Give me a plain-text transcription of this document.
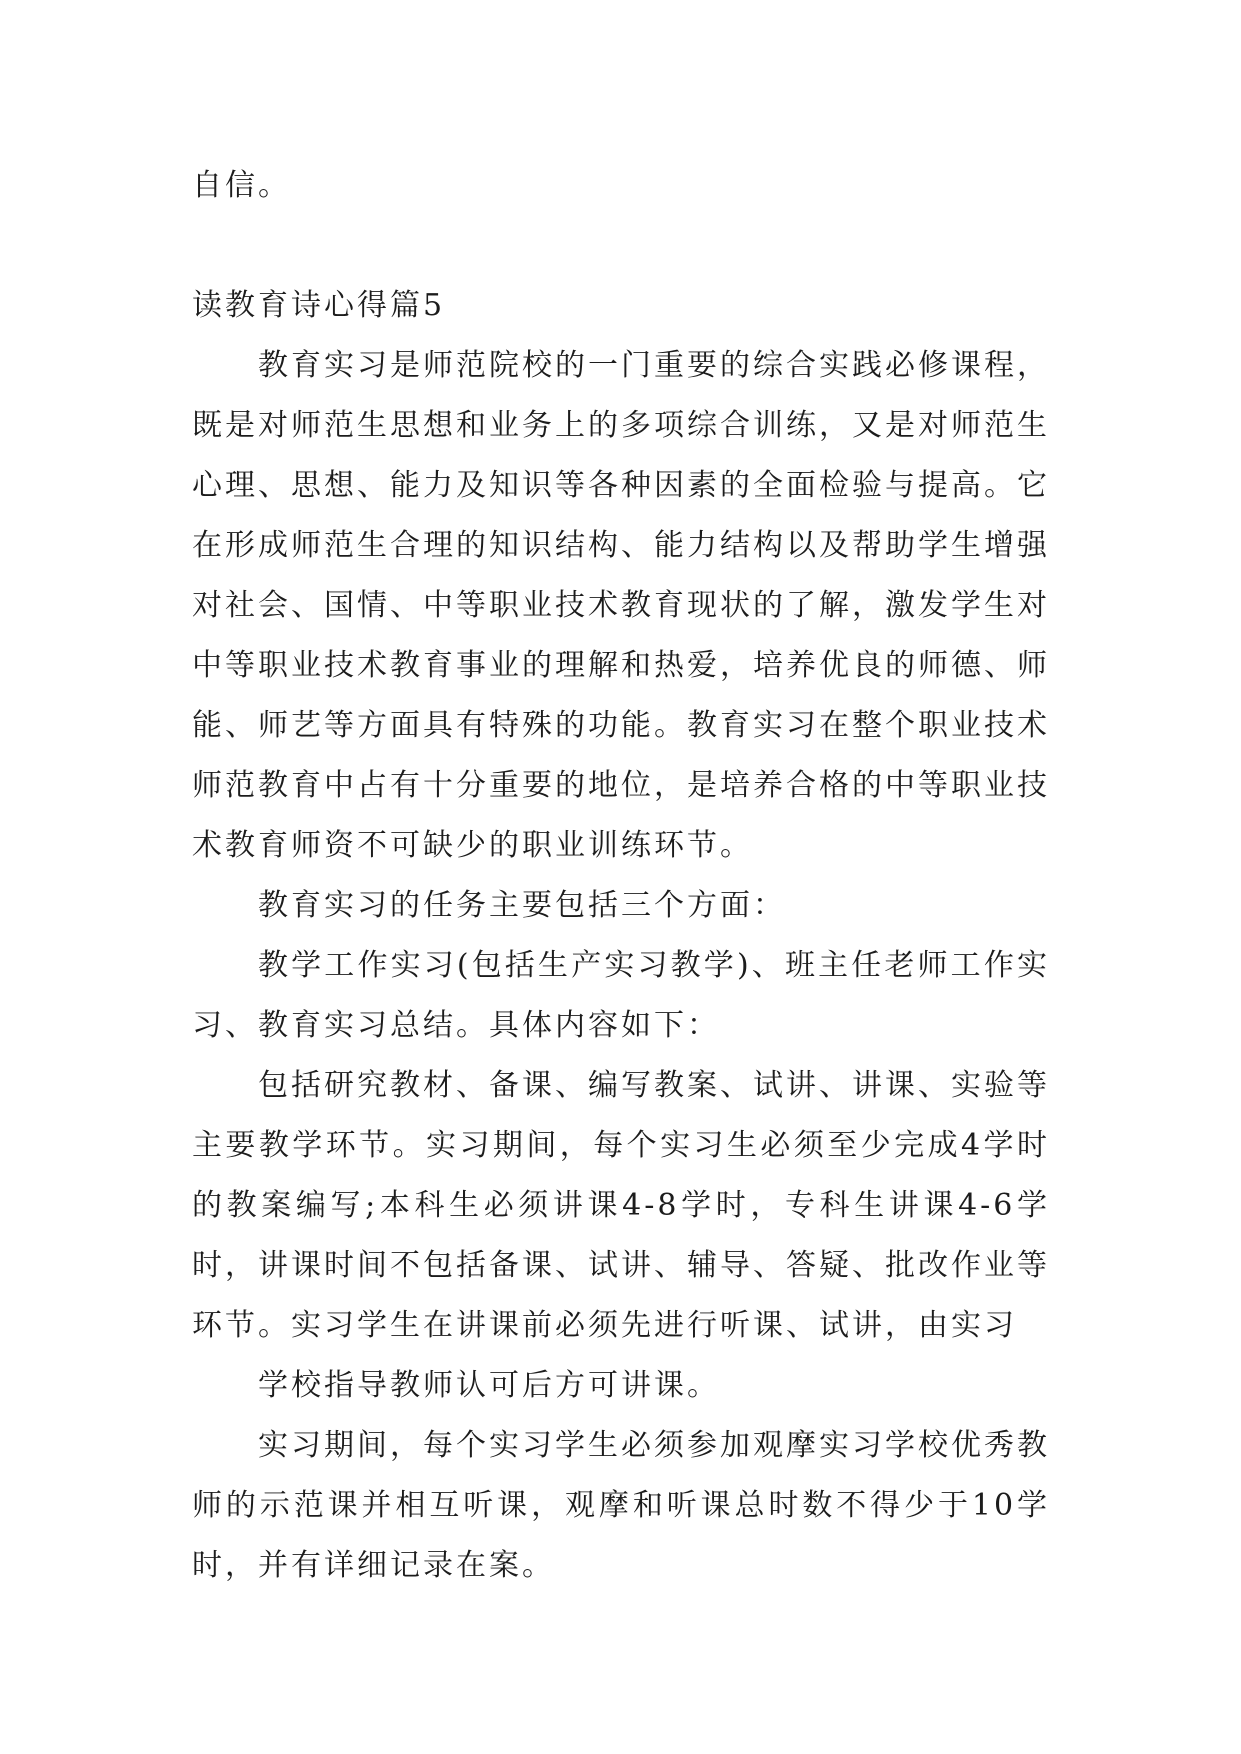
自信。

读教育诗心得篇5

教育实习是师范院校的一门重要的综合实践必修课程，既是对师范生思想和业务上的多项综合训练，又是对师范生心理、思想、能力及知识等各种因素的全面检验与提高。它在形成师范生合理的知识结构、能力结构以及帮助学生增强对社会、国情、中等职业技术教育现状的了解，激发学生对中等职业技术教育事业的理解和热爱，培养优良的师德、师能、师艺等方面具有特殊的功能。教育实习在整个职业技术师范教育中占有十分重要的地位，是培养合格的中等职业技术教育师资不可缺少的职业训练环节。

教育实习的任务主要包括三个方面：

教学工作实习(包括生产实习教学)、班主任老师工作实习、教育实习总结。具体内容如下：

包括研究教材、备课、编写教案、试讲、讲课、实验等主要教学环节。实习期间，每个实习生必须至少完成4学时的教案编写;本科生必须讲课4-8学时，专科生讲课4-6学时，讲课时间不包括备课、试讲、辅导、答疑、批改作业等环节。实习学生在讲课前必须先进行听课、试讲，由实习

学校指导教师认可后方可讲课。

实习期间，每个实习学生必须参加观摩实习学校优秀教师的示范课并相互听课，观摩和听课总时数不得少于10学时，并有详细记录在案。
